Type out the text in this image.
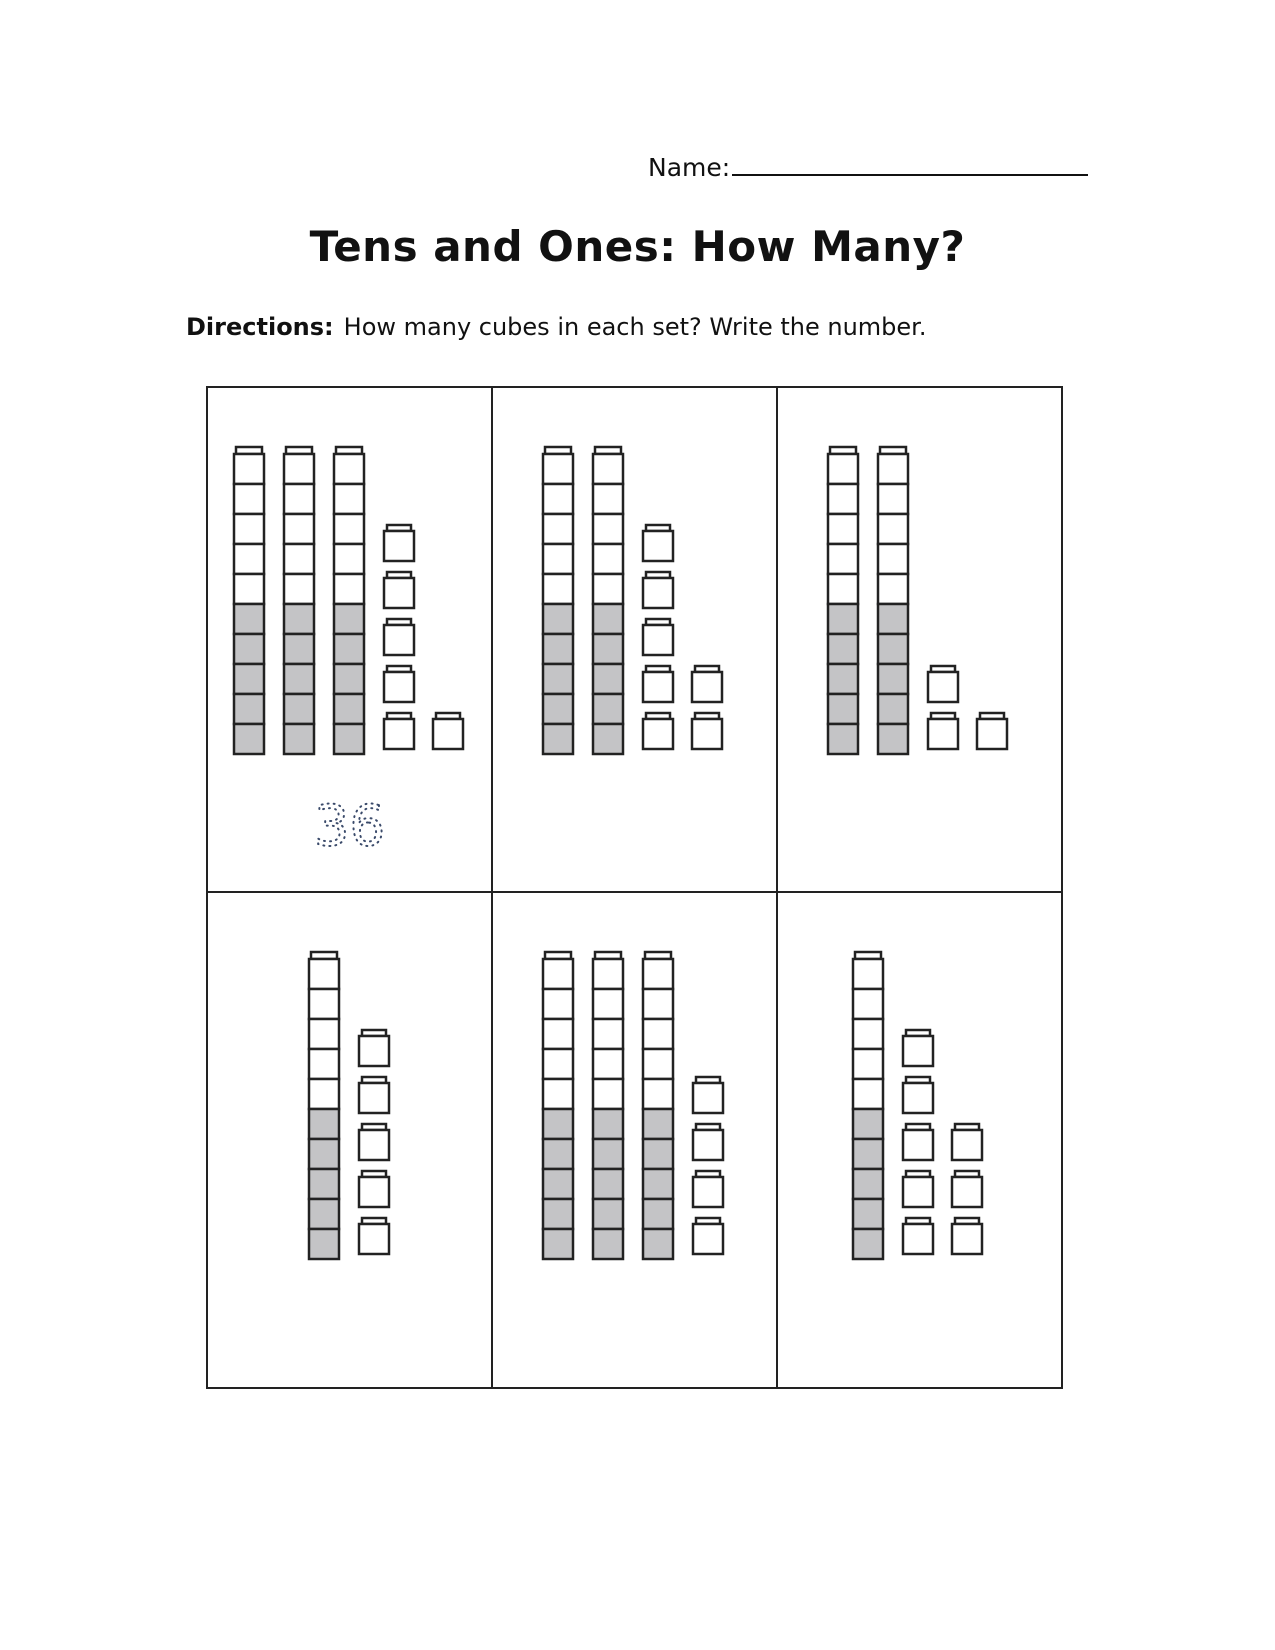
Name:
Tens and Ones: How Many?
Directions: How many cubes in each set? Write the number.
36
